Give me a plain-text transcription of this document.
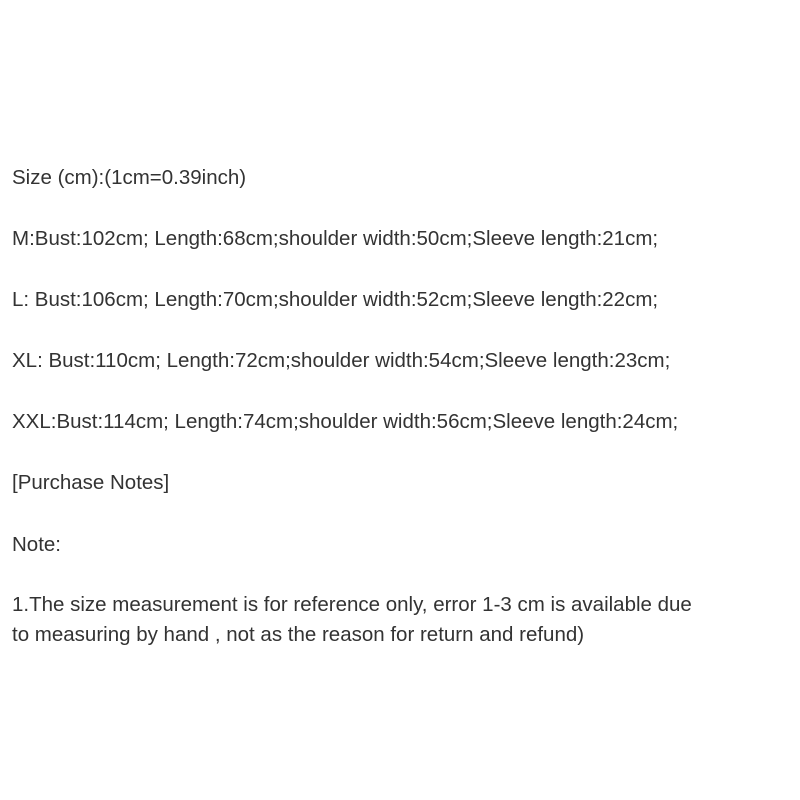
Size (cm):(1cm=0.39inch)

M:Bust:102cm; Length:68cm;shoulder width:50cm;Sleeve length:21cm;

L: Bust:106cm; Length:70cm;shoulder width:52cm;Sleeve length:22cm;

XL: Bust:110cm; Length:72cm;shoulder width:54cm;Sleeve length:23cm;

XXL:Bust:114cm; Length:74cm;shoulder width:56cm;Sleeve length:24cm;

[Purchase Notes]

Note:

1.The size measurement is for reference only, error 1-3 cm is available due
to measuring by hand , not as the reason for return and refund)
